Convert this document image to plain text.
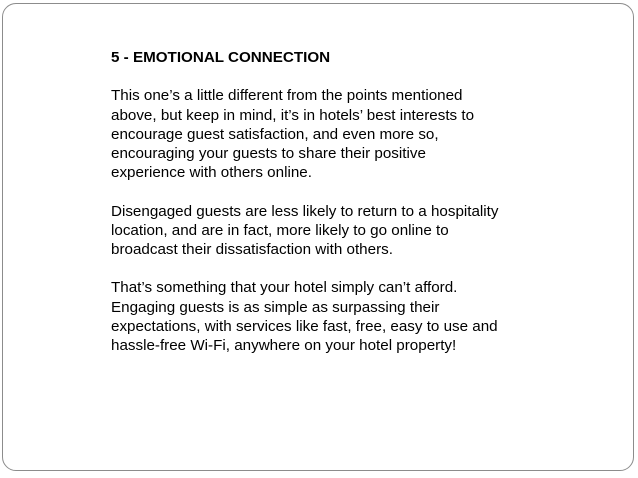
5 - EMOTIONAL CONNECTION
This one’s a little different from the points mentioned
above, but keep in mind, it’s in hotels’ best interests to
encourage guest satisfaction, and even more so,
encouraging your guests to share their positive
experience with others online.
Disengaged guests are less likely to return to a hospitality
location, and are in fact, more likely to go online to
broadcast their dissatisfaction with others.
That’s something that your hotel simply can’t afford.
Engaging guests is as simple as surpassing their
expectations, with services like fast, free, easy to use and
hassle-free Wi-Fi, anywhere on your hotel property!
